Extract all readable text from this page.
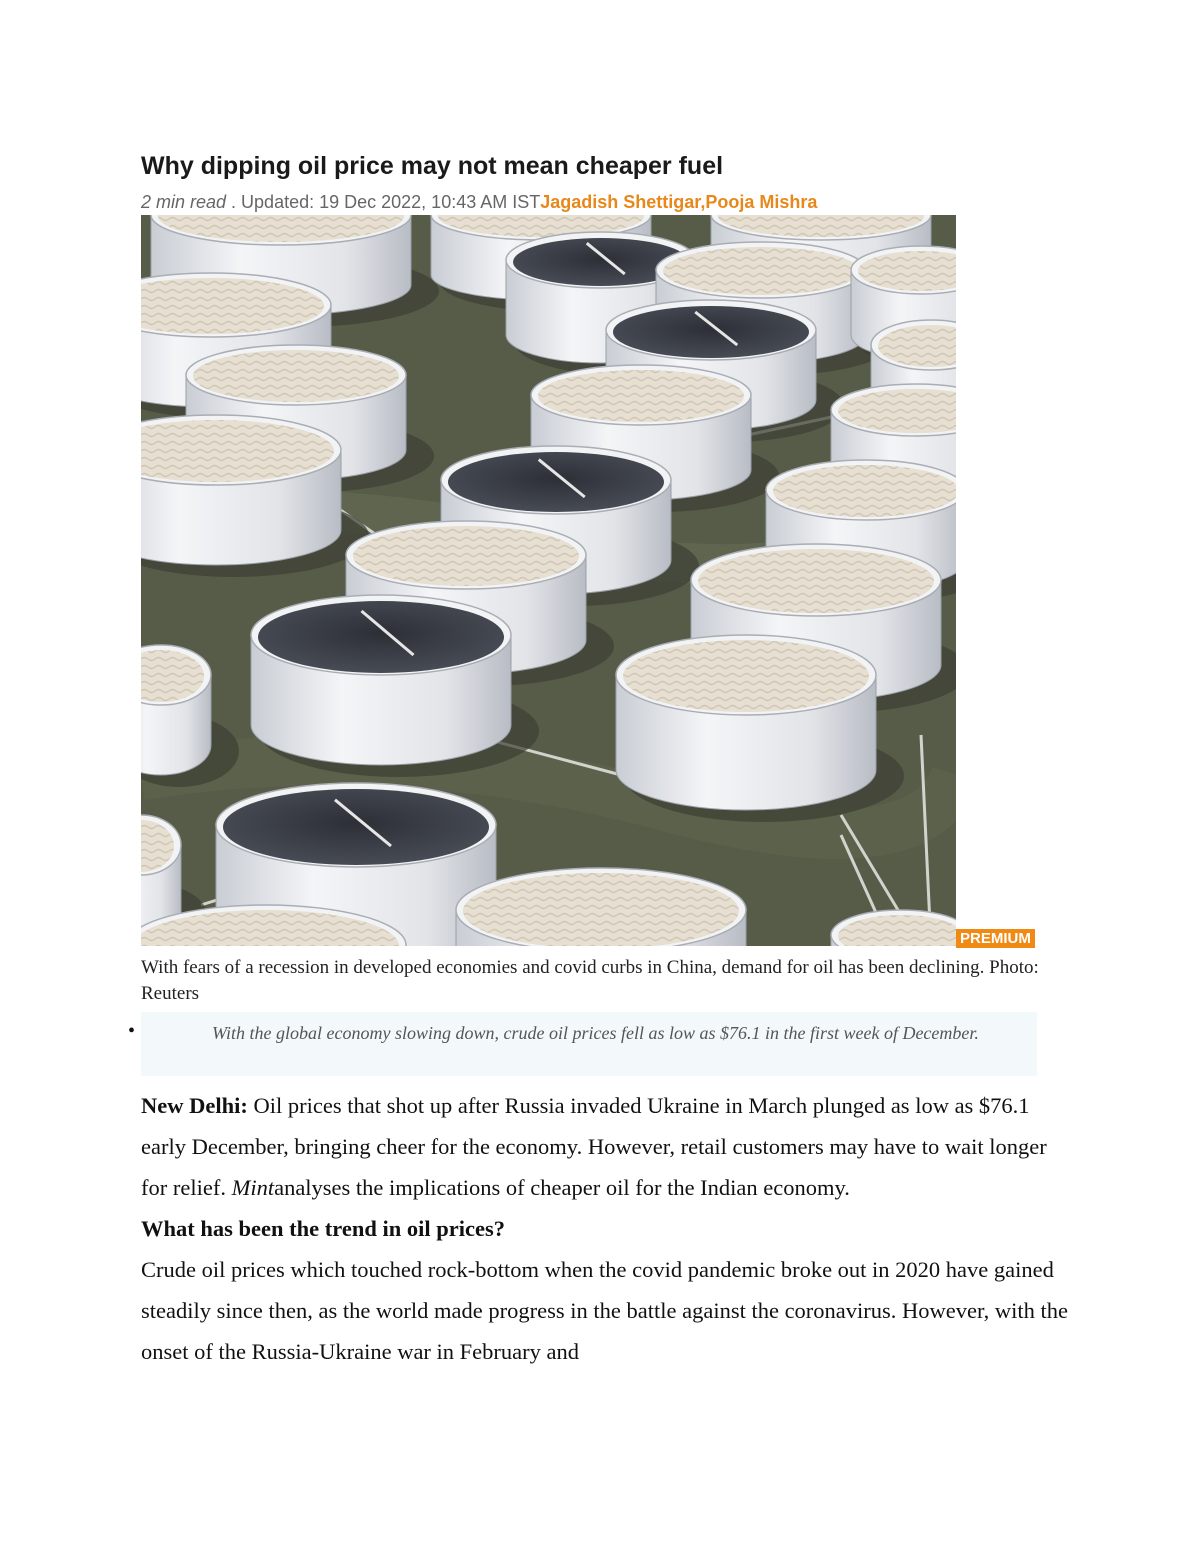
Why dipping oil price may not mean cheaper fuel
2 min read . Updated: 19 Dec 2022, 10:43 AM ISTJagadish Shettigar,Pooja Mishra
PREMIUM

With fears of a recession in developed economies and covid curbs in China, demand for oil has been declining. Photo: Reuters

•	With the global economy slowing down, crude oil prices fell as low as $76.1 in the first week of December.

New Delhi: Oil prices that shot up after Russia invaded Ukraine in March plunged as low as $76.1 early December, bringing cheer for the economy. However, retail customers may have to wait longer for relief. Mintanalyses the implications of cheaper oil for the Indian economy.

What has been the trend in oil prices?

Crude oil prices which touched rock-bottom when the covid pandemic broke out in 2020 have gained steadily since then, as the world made progress in the battle against the coronavirus. However, with the onset of the Russia-Ukraine war in February and
